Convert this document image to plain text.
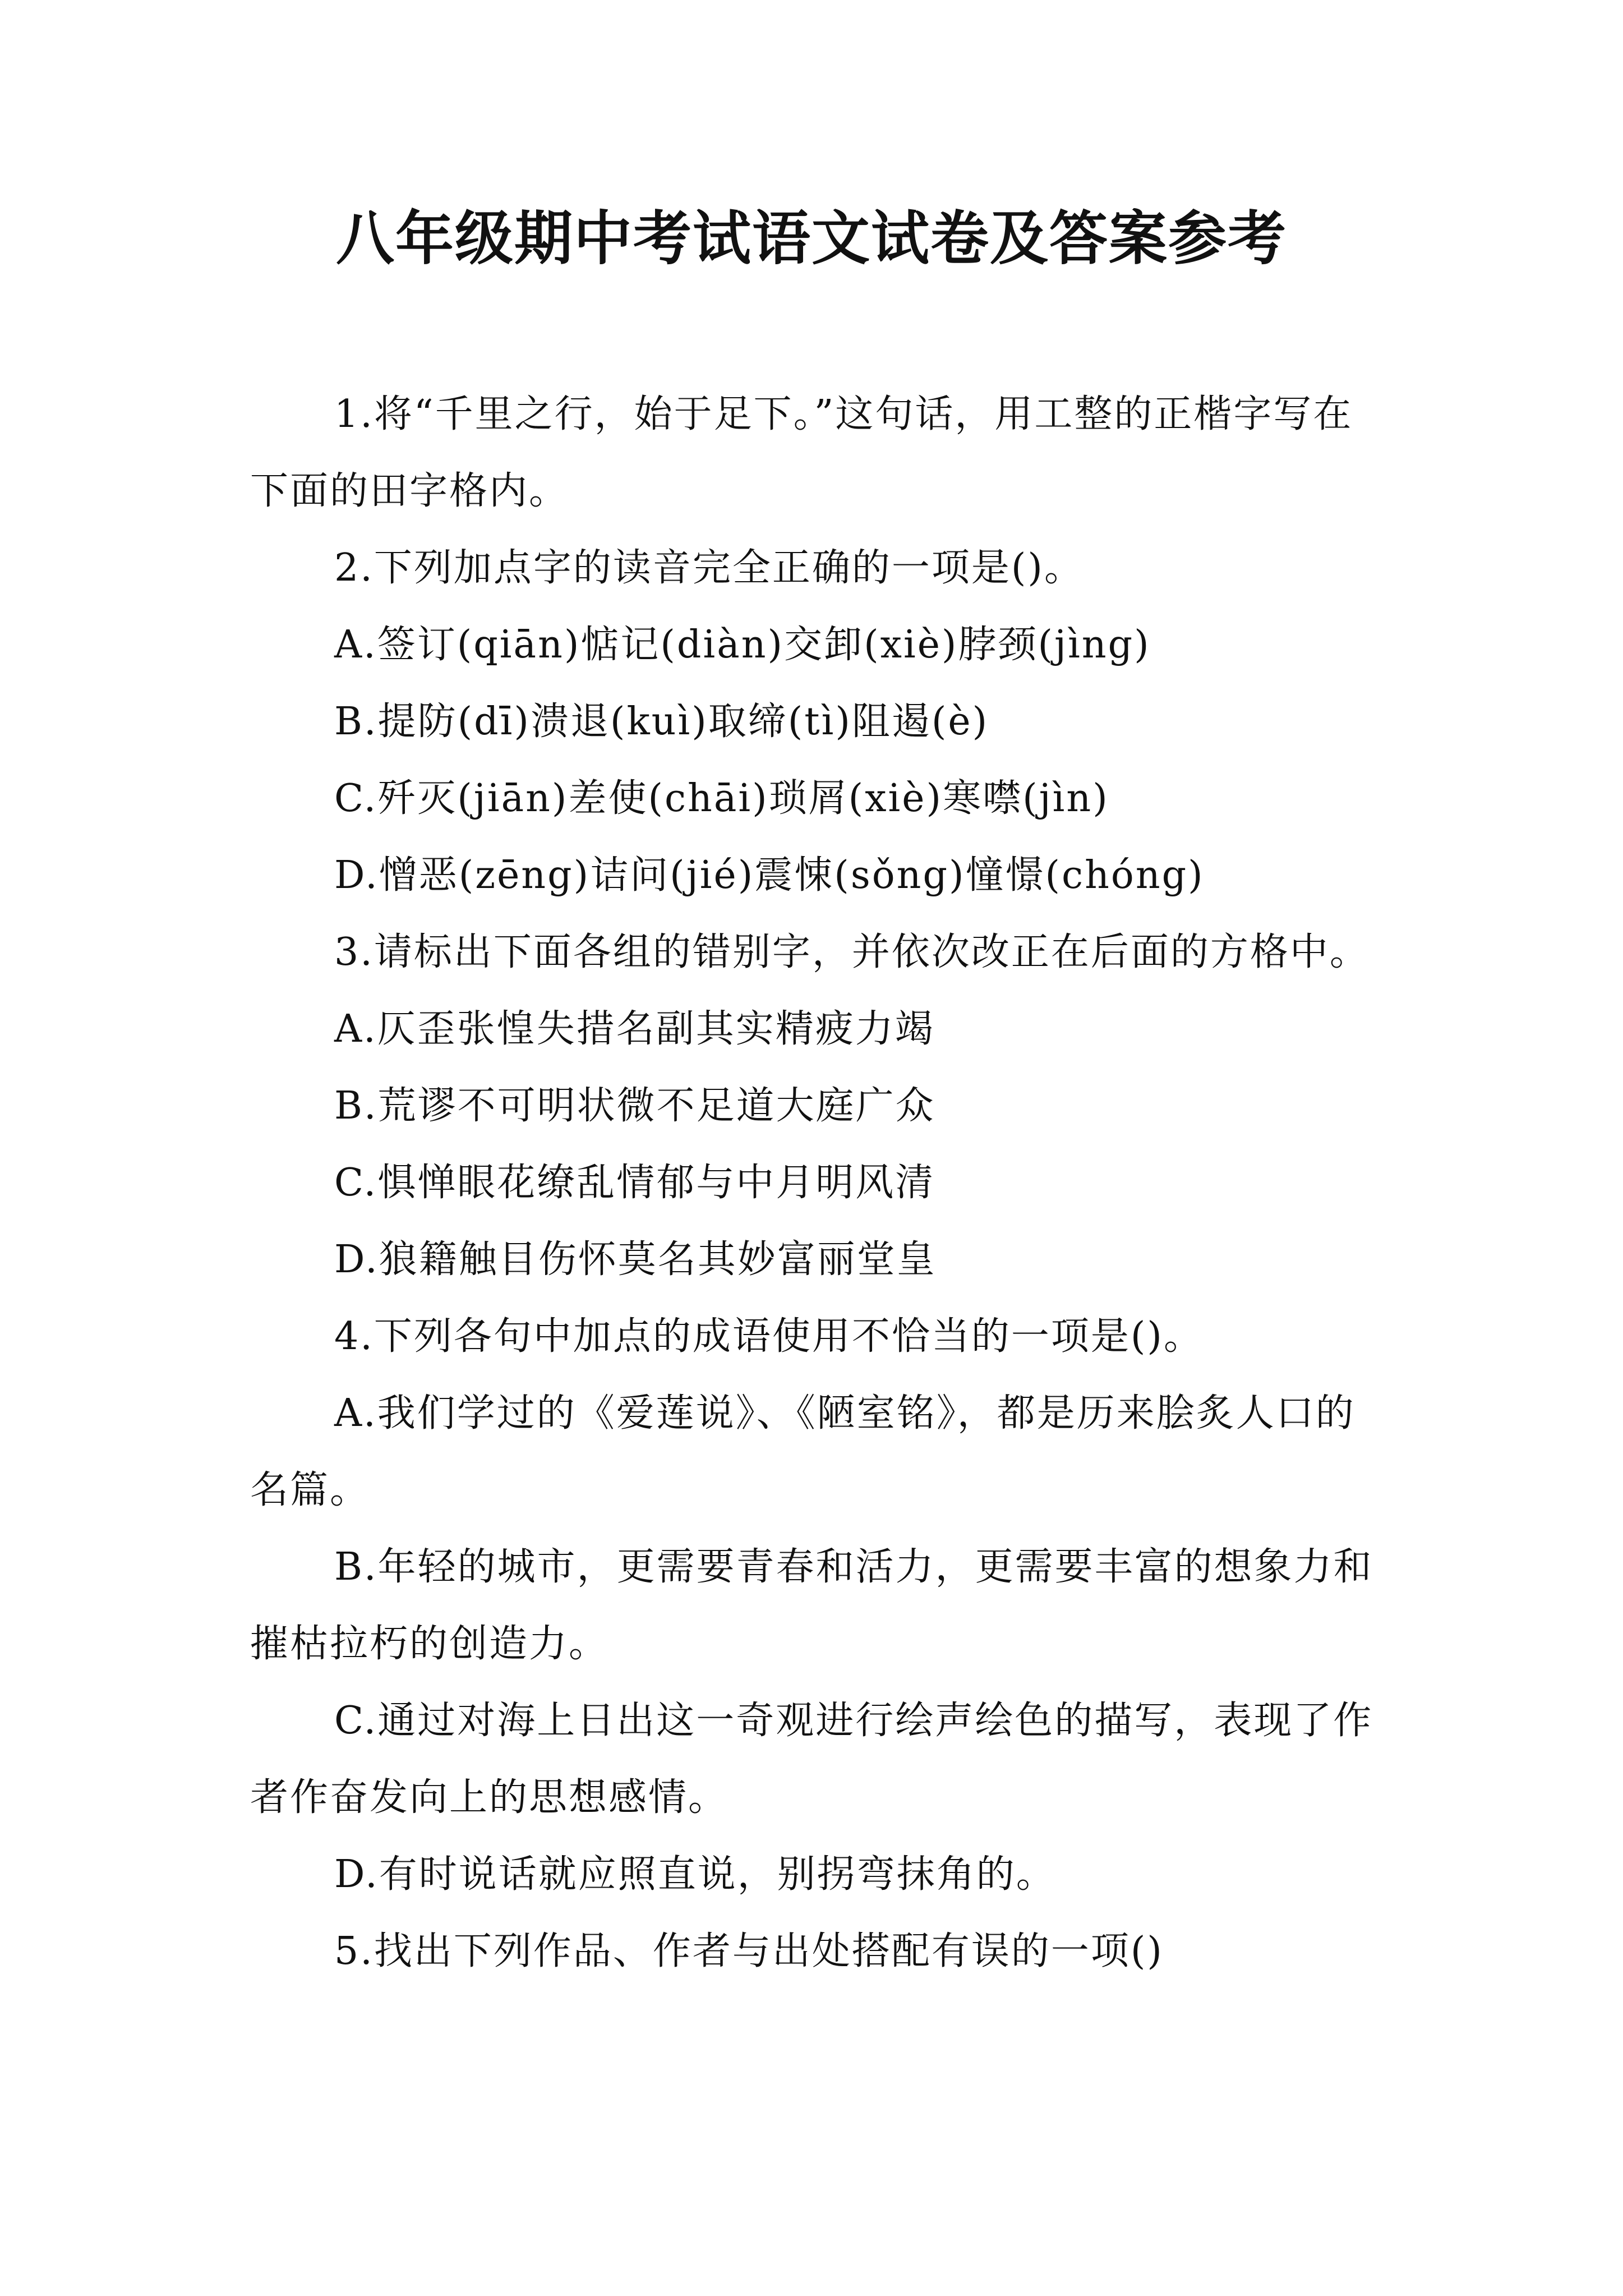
八年级期中考试语文试卷及答案参考

1.将“千里之行，始于足下。”这句话，用工整的正楷字写在下面的田字格内。

2.下列加点字的读音完全正确的一项是()。

A.签订(qiān)惦记(diàn)交卸(xiè)脖颈(jìng)

B.提防(dī)溃退(kuì)取缔(tì)阻遏(è)

C.歼灭(jiān)差使(chāi)琐屑(xiè)寒噤(jìn)

D.憎恶(zēng)诘问(jié)震悚(sǒng)憧憬(chóng)

3.请标出下面各组的错别字，并依次改正在后面的方格中。

A.仄歪张惶失措名副其实精疲力竭

B.荒谬不可明状微不足道大庭广众

C.惧惮眼花缭乱情郁与中月明风清

D.狼籍触目伤怀莫名其妙富丽堂皇

4.下列各句中加点的成语使用不恰当的一项是()。

A.我们学过的《爱莲说》、《陋室铭》，都是历来脍炙人口的名篇。

B.年轻的城市，更需要青春和活力，更需要丰富的想象力和摧枯拉朽的创造力。

C.通过对海上日出这一奇观进行绘声绘色的描写，表现了作者作奋发向上的思想感情。

D.有时说话就应照直说，别拐弯抹角的。

5.找出下列作品、作者与出处搭配有误的一项()
